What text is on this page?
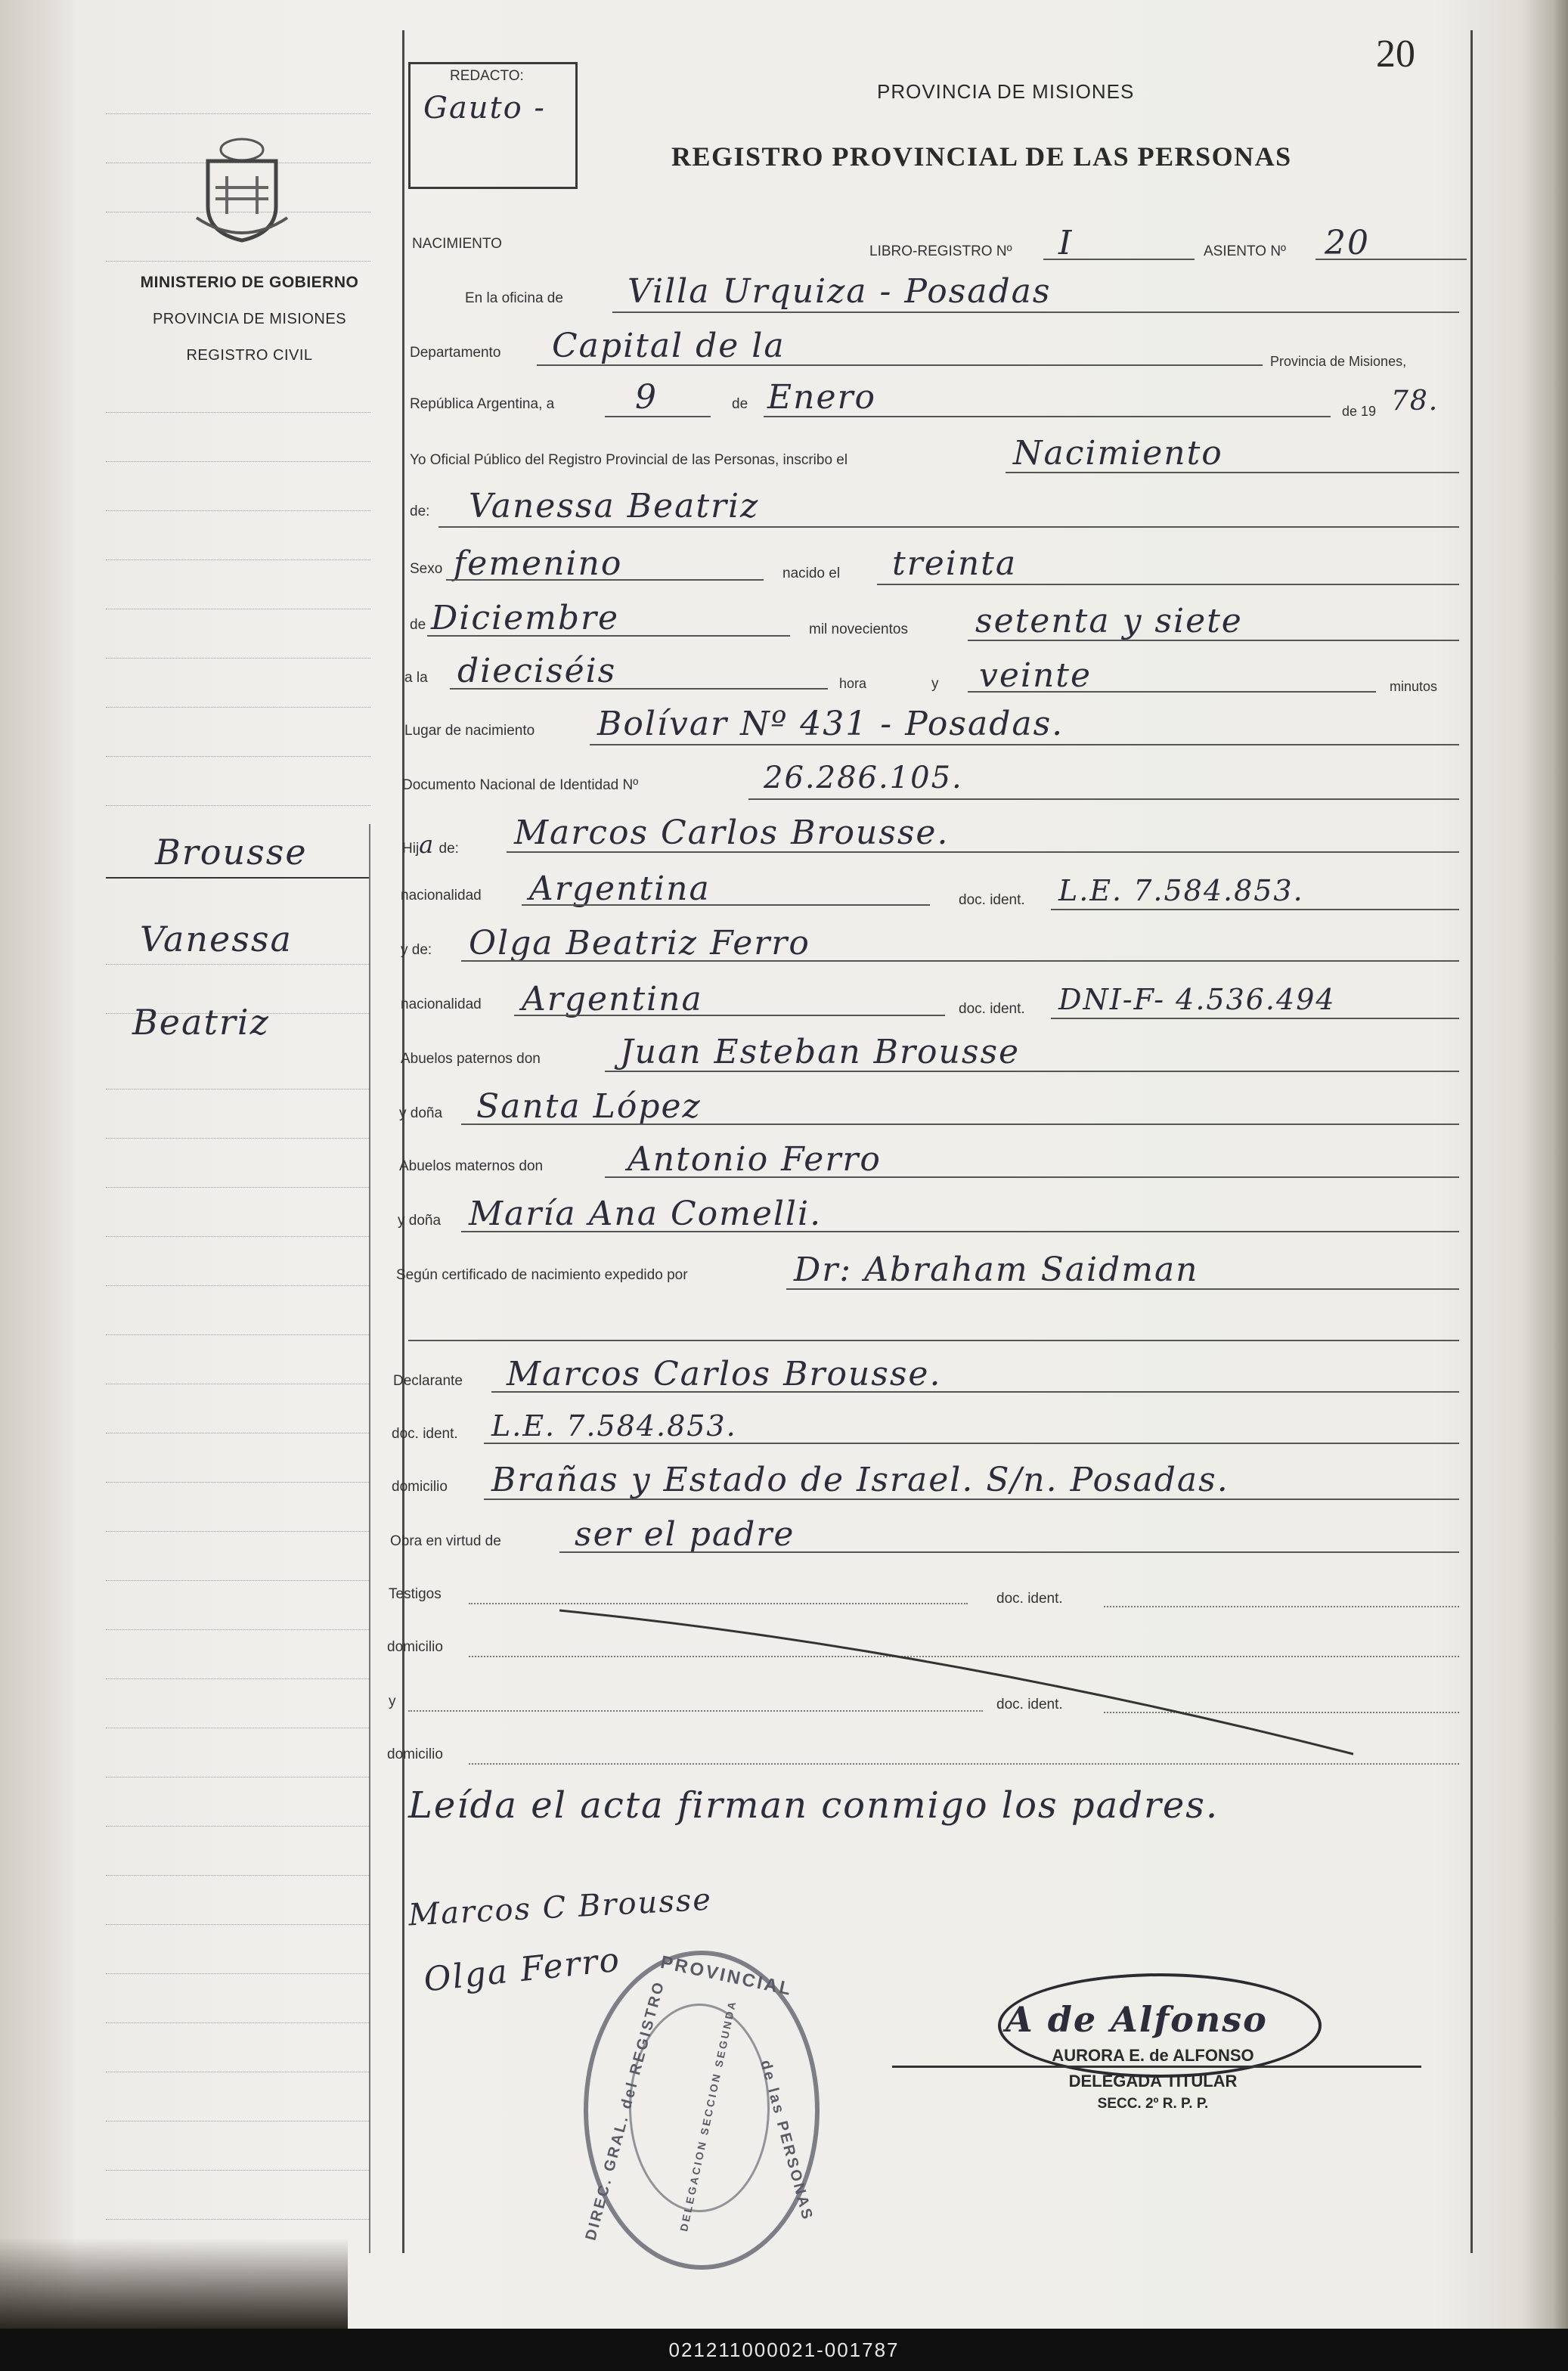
MINISTERIO DE GOBIERNO
PROVINCIA DE MISIONES
REGISTRO CIVIL
Brousse
Vanessa
Beatriz
REDACTO:
Gauto -	PROVINCIA DE MISIONES
REGISTRO PROVINCIAL DE LAS PERSONAS
20
NACIMIENTO	LIBRO-REGISTRO Nº I	ASIENTO Nº 20
En la oficina de Villa Urquiza - Posadas
Departamento Capital de la	Provincia de Misiones,
República Argentina, a 9	de Enero	de 19 78.
Yo Oficial Público del Registro Provincial de las Personas, inscribo el	Nacimiento
de: Vanessa Beatriz
Sexo femenino	nacido el treinta
de Diciembre	mil novecientos setenta y siete
a la dieciséis	hora	y veinte	minutos
Lugar de nacimiento Bolívar Nº 431 - Posadas.
Documento Nacional de Identidad Nº	26.286.105.
Hija de: Marcos Carlos Brousse.
nacionalidad Argentina	doc. ident. L.E. 7.584.853.
y de: Olga Beatriz Ferro
nacionalidad Argentina	doc. ident. DNI-F- 4.536.494
Abuelos paternos don Juan Esteban Brousse
y doña Santa López
Abuelos maternos don	Antonio Ferro
y doña María Ana Comelli.
Según certificado de nacimiento expedido por	Dr: Abraham Saidman
Declarante Marcos Carlos Brousse.
doc. ident. L.E. 7.584.853.
domicilio Brañas y Estado de Israel. S/n. Posadas.
Obra en virtud de ser el padre
Testigos	doc. ident.
domicilio
y	doc. ident.
domicilio
Leída el acta firman conmigo los padres.
Marcos C Brousse
Olga Ferro PROVINCIAL
DIREC. GRAL. del REGISTRO	de las PERSONAS
DELEGACION SECCION SEGUNDA	A de Alfonso
AURORA E. de ALFONSO
DELEGADA TITULAR
SECC. 2º R. P. P.
021211000021-001787
